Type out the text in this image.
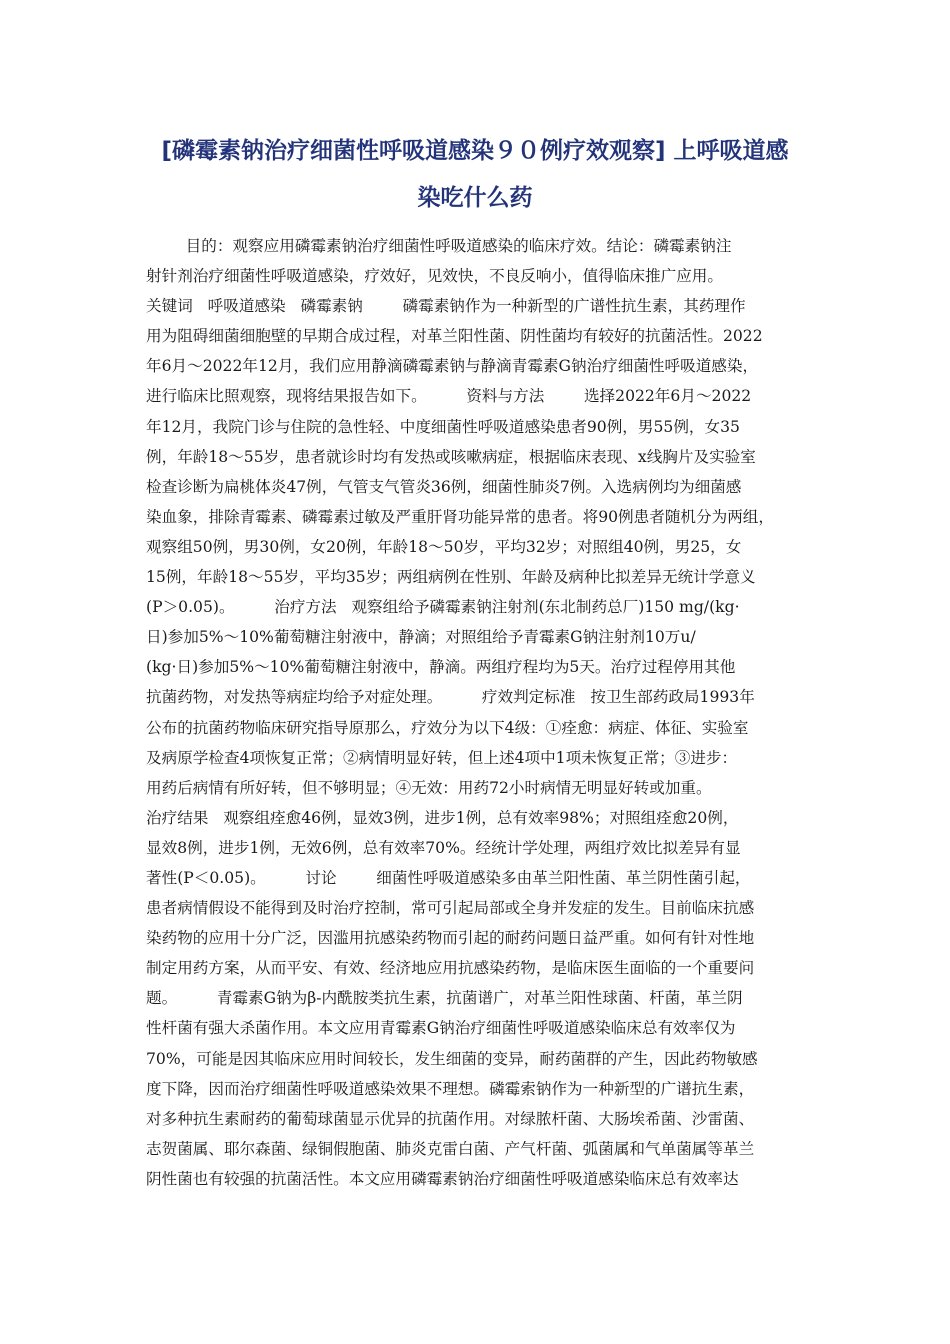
[磷霉素钠治疗细菌性呼吸道感染９０例疗效观察] 上呼吸道感
染吃什么药
目的：观察应用磷霉素钠治疗细菌性呼吸道感染的临床疗效。结论：磷霉素钠注
射针剂治疗细菌性呼吸道感染，疗效好，见效快，不良反响小，值得临床推广应用。
关键词   呼吸道感染   磷霉素钠        磷霉素钠作为一种新型的广谱性抗生素，其药理作
用为阻碍细菌细胞壁的早期合成过程，对革兰阳性菌、阴性菌均有较好的抗菌活性。2022
年6月～2022年12月，我们应用静滴磷霉素钠与静滴青霉素G钠治疗细菌性呼吸道感染，
进行临床比照观察，现将结果报告如下。        资料与方法        选择2022年6月～2022
年12月，我院门诊与住院的急性轻、中度细菌性呼吸道感染患者90例，男55例，女35
例，年龄18～55岁，患者就诊时均有发热或咳嗽病症，根据临床表现、x线胸片及实验室
检查诊断为扁桃体炎47例，气管支气管炎36例，细菌性肺炎7例。入选病例均为细菌感
染血象，排除青霉素、磷霉素过敏及严重肝肾功能异常的患者。将90例患者随机分为两组，
观察组50例，男30例，女20例，年龄18～50岁，平均32岁；对照组40例，男25，女
15例，年龄18～55岁，平均35岁；两组病例在性别、年龄及病种比拟差异无统计学意义
(P＞0.05)。        治疗方法   观察组给予磷霉素钠注射剂(东北制药总厂)150 mg/(kg·
日)参加5%～10%葡萄糖注射液中，静滴；对照组给予青霉素G钠注射剂10万u/
(kg·日)参加5%～10%葡萄糖注射液中，静滴。两组疗程均为5天。治疗过程停用其他
抗菌药物，对发热等病症均给予对症处理。        疗效判定标准   按卫生部药政局1993年
公布的抗菌药物临床研究指导原那么，疗效分为以下4级：①痊愈：病症、体征、实验室
及病原学检查4项恢复正常；②病情明显好转，但上述4项中1项未恢复正常；③进步：
用药后病情有所好转，但不够明显；④无效：用药72小时病情无明显好转或加重。
治疗结果   观察组痊愈46例，显效3例，进步1例，总有效率98%；对照组痊愈20例，
显效8例，进步1例，无效6例，总有效率70%。经统计学处理，两组疗效比拟差异有显
著性(P＜0.05)。        讨论        细菌性呼吸道感染多由革兰阳性菌、革兰阴性菌引起，
患者病情假设不能得到及时治疗控制，常可引起局部或全身并发症的发生。目前临床抗感
染药物的应用十分广泛，因滥用抗感染药物而引起的耐药问题日益严重。如何有针对性地
制定用药方案，从而平安、有效、经济地应用抗感染药物，是临床医生面临的一个重要问
题。        青霉素G钠为β-内酰胺类抗生素，抗菌谱广，对革兰阳性球菌、杆菌，革兰阴
性杆菌有强大杀菌作用。本文应用青霉素G钠治疗细菌性呼吸道感染临床总有效率仅为
70%，可能是因其临床应用时间较长，发生细菌的变异，耐药菌群的产生，因此药物敏感
度下降，因而治疗细菌性呼吸道感染效果不理想。磷霉索钠作为一种新型的广谱抗生素，
对多种抗生素耐药的葡萄球菌显示优异的抗菌作用。对绿脓杆菌、大肠埃希菌、沙雷菌、
志贺菌属、耶尔森菌、绿铜假胞菌、肺炎克雷白菌、产气杆菌、弧菌属和气单菌属等革兰
阴性菌也有较强的抗菌活性。本文应用磷霉素钠治疗细菌性呼吸道感染临床总有效率达
